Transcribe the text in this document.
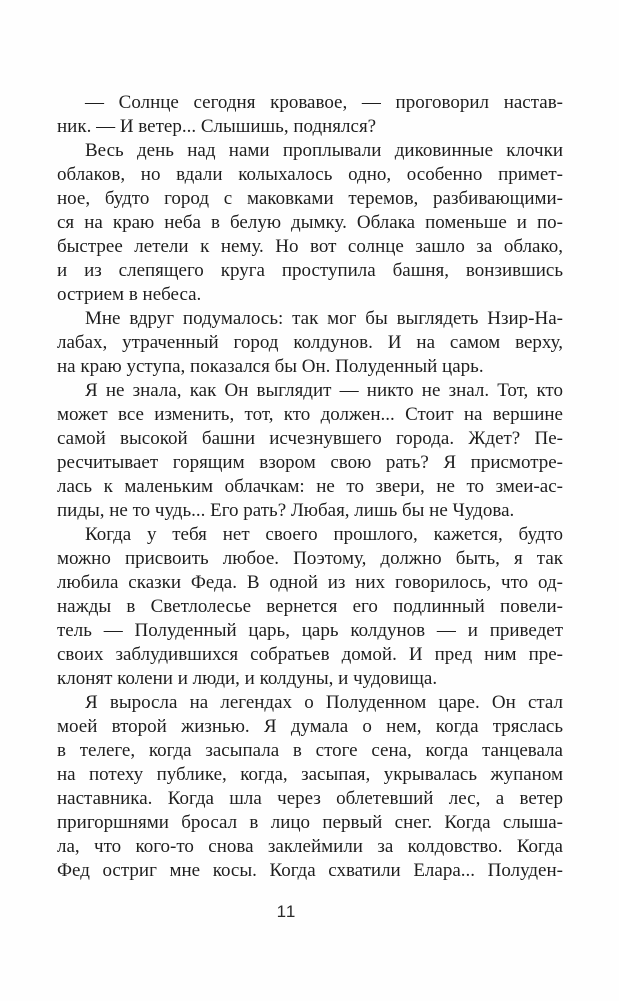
— Солнце сегодня кровавое, — проговорил настав-
ник. — И ветер... Слышишь, поднялся?
Весь день над нами проплывали диковинные клочки
облаков, но вдали колыхалось одно, особенно примет-
ное, будто город с маковками теремов, разбивающими-
ся на краю неба в белую дымку. Облака поменьше и по-
быстрее летели к нему. Но вот солнце зашло за облако,
и из слепящего круга проступила башня, вонзившись
острием в небеса.
Мне вдруг подумалось: так мог бы выглядеть Нзир-На-
лабах, утраченный город колдунов. И на самом верху,
на краю уступа, показался бы Он. Полуденный царь.
Я не знала, как Он выглядит — никто не знал. Тот, кто
может все изменить, тот, кто должен... Стоит на вершине
самой высокой башни исчезнувшего города. Ждет? Пе-
ресчитывает горящим взором свою рать? Я присмотре-
лась к маленьким облачкам: не то звери, не то змеи-ас-
пиды, не то чудь... Его рать? Любая, лишь бы не Чудова.
Когда у тебя нет своего прошлого, кажется, будто
можно присвоить любое. Поэтому, должно быть, я так
любила сказки Феда. В одной из них говорилось, что од-
нажды в Светлолесье вернется его подлинный повели-
тель — Полуденный царь, царь колдунов — и приведет
своих заблудившихся собратьев домой. И пред ним пре-
клонят колени и люди, и колдуны, и чудовища.
Я выросла на легендах о Полуденном царе. Он стал
моей второй жизнью. Я думала о нем, когда тряслась
в телеге, когда засыпала в стоге сена, когда танцевала
на потеху публике, когда, засыпая, укрывалась жупаном
наставника. Когда шла через облетевший лес, а ветер
пригоршнями бросал в лицо первый снег. Когда слыша-
ла, что кого-то снова заклеймили за колдовство. Когда
Фед остриг мне косы. Когда схватили Елара... Полуден-
11
